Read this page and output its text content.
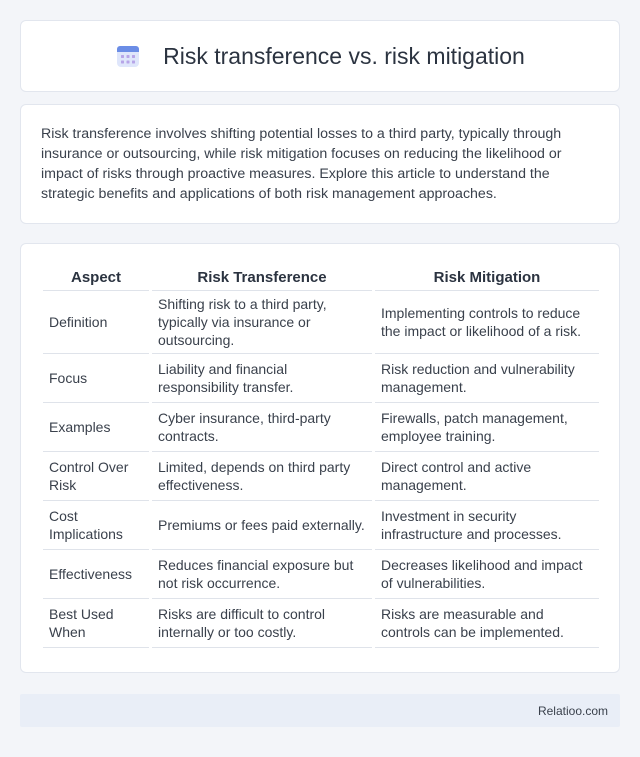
Risk transference vs. risk mitigation

Risk transference involves shifting potential losses to a third party, typically through insurance or outsourcing, while risk mitigation focuses on reducing the likelihood or impact of risks through proactive measures. Explore this article to understand the strategic benefits and applications of both risk management approaches.

Aspect		Risk Transference		Risk Mitigation
Definition		Shifting risk to a third party, typically via insurance or outsourcing.		Implementing controls to reduce the impact or likelihood of a risk.
Focus		Liability and financial responsibility transfer.		Risk reduction and vulnerability management.
Examples		Cyber insurance, third-party contracts.		Firewalls, patch management, employee training.
Control Over Risk		Limited, depends on third party effectiveness.		Direct control and active management.
Cost Implications		Premiums or fees paid externally.		Investment in security infrastructure and processes.
Effectiveness		Reduces financial exposure but not risk occurrence.		Decreases likelihood and impact of vulnerabilities.
Best Used When		Risks are difficult to control internally or too costly.		Risks are measurable and controls can be implemented.
Relatioo.com
